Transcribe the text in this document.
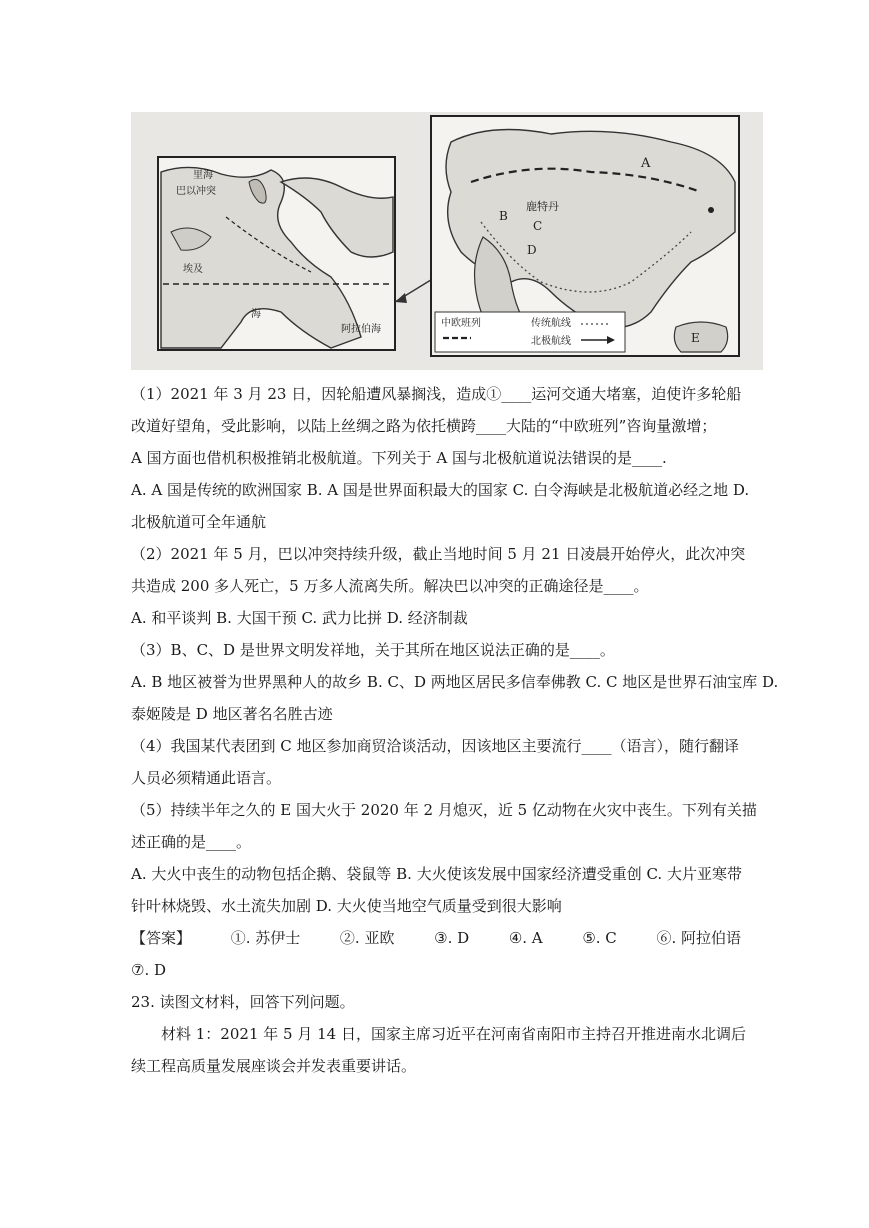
里海
巴以冲突
埃及
阿拉伯海
海
鹿特丹
A
B
C
D
E
中欧班列	传统航线
北极航线
（1）2021 年 3 月 23 日，因轮船遭风暴搁浅，造成①____运河交通大堵塞，迫使许多轮船
改道好望角，受此影响，以陆上丝绸之路为依托横跨____大陆的“中欧班列”咨询量激增；
A 国方面也借机积极推销北极航道。下列关于 A 国与北极航道说法错误的是____.
A. A 国是传统的欧洲国家 B. A 国是世界面积最大的国家 C. 白令海峡是北极航道必经之地 D.
北极航道可全年通航
（2）2021 年 5 月，巴以冲突持续升级，截止当地时间 5 月 21 日凌晨开始停火，此次冲突
共造成 200 多人死亡，5 万多人流离失所。解决巴以冲突的正确途径是____。
A. 和平谈判 B. 大国干预 C. 武力比拼 D. 经济制裁
（3）B、C、D 是世界文明发祥地，关于其所在地区说法正确的是____。
A. B 地区被誉为世界黑种人的故乡 B. C、D 两地区居民多信奉佛教 C. C 地区是世界石油宝库 D.
泰姬陵是 D 地区著名名胜古迹
（4）我国某代表团到 C 地区参加商贸洽谈活动，因该地区主要流行____（语言），随行翻译
人员必须精通此语言。
（5）持续半年之久的 E 国大火于 2020 年 2 月熄灭，近 5 亿动物在火灾中丧生。下列有关描
述正确的是____。
A. 大火中丧生的动物包括企鹅、袋鼠等 B. 大火使该发展中国家经济遭受重创 C. 大片亚寒带
针叶林烧毁、水土流失加剧 D. 大火使当地空气质量受到很大影响
【答案】	①. 苏伊士	②. 亚欧	③. D	④. A	⑤. C	⑥. 阿拉伯语
⑦. D
23. 读图文材料，回答下列问题。
材料 1：2021 年 5 月 14 日，国家主席习近平在河南省南阳市主持召开推进南水北调后
续工程高质量发展座谈会并发表重要讲话。
